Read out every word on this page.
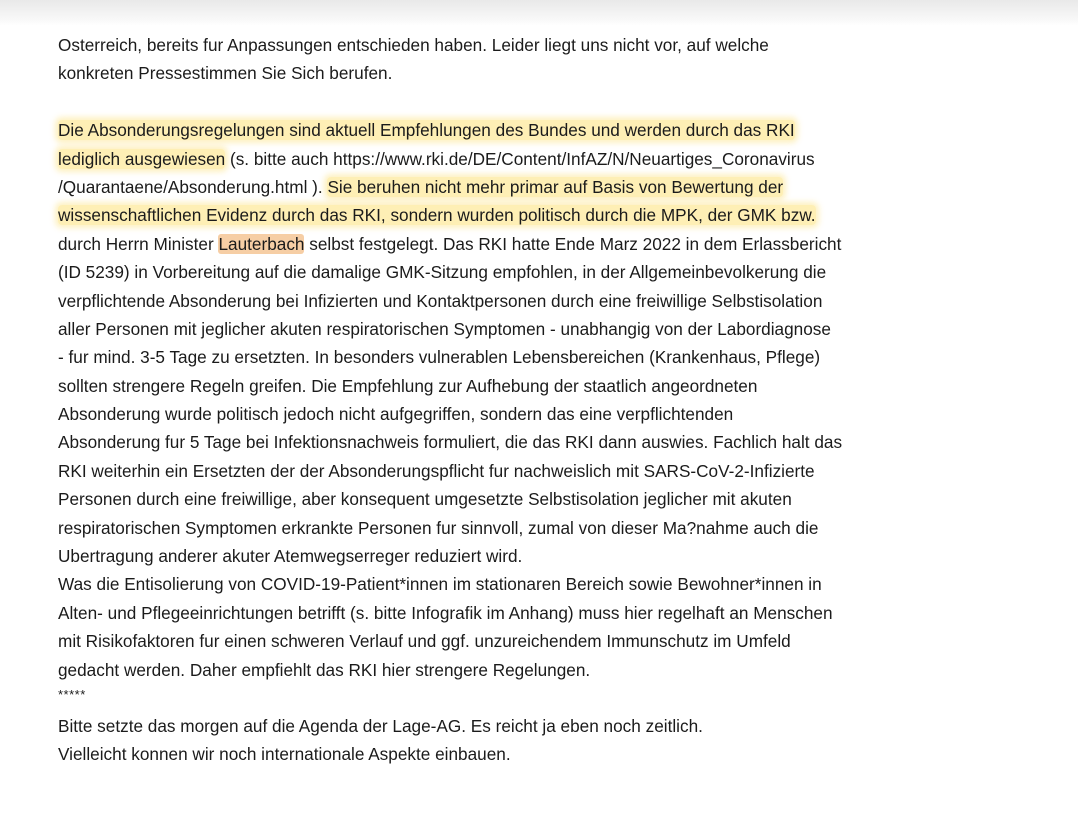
Osterreich, bereits fur Anpassungen entschieden haben. Leider liegt uns nicht vor, auf welche
konkreten Pressestimmen Sie Sich berufen.
Die Absonderungsregelungen sind aktuell Empfehlungen des Bundes und werden durch das RKI
lediglich ausgewiesen (s. bitte auch https://www.rki.de/DE/Content/InfAZ/N/Neuartiges_Coronavirus
/Quarantaene/Absonderung.html ). Sie beruhen nicht mehr primar auf Basis von Bewertung der
wissenschaftlichen Evidenz durch das RKI, sondern wurden politisch durch die MPK, der GMK bzw.
durch Herrn Minister Lauterbach selbst festgelegt. Das RKI hatte Ende Marz 2022 in dem Erlassbericht
(ID 5239) in Vorbereitung auf die damalige GMK-Sitzung empfohlen, in der Allgemeinbevolkerung die
verpflichtende Absonderung bei Infizierten und Kontaktpersonen durch eine freiwillige Selbstisolation
aller Personen mit jeglicher akuten respiratorischen Symptomen - unabhangig von der Labordiagnose
- fur mind. 3-5 Tage zu ersetzten. In besonders vulnerablen Lebensbereichen (Krankenhaus, Pflege)
sollten strengere Regeln greifen. Die Empfehlung zur Aufhebung der staatlich angeordneten
Absonderung wurde politisch jedoch nicht aufgegriffen, sondern das eine verpflichtenden
Absonderung fur 5 Tage bei Infektionsnachweis formuliert, die das RKI dann auswies. Fachlich halt das
RKI weiterhin ein Ersetzten der der Absonderungspflicht fur nachweislich mit SARS-CoV-2-Infizierte
Personen durch eine freiwillige, aber konsequent umgesetzte Selbstisolation jeglicher mit akuten
respiratorischen Symptomen erkrankte Personen fur sinnvoll, zumal von dieser Ma?nahme auch die
Ubertragung anderer akuter Atemwegserreger reduziert wird.
Was die Entisolierung von COVID-19-Patient*innen im stationaren Bereich sowie Bewohner*innen in
Alten- und Pflegeeinrichtungen betrifft (s. bitte Infografik im Anhang) muss hier regelhaft an Menschen
mit Risikofaktoren fur einen schweren Verlauf und ggf. unzureichendem Immunschutz im Umfeld
gedacht werden. Daher empfiehlt das RKI hier strengere Regelungen.
*****
Bitte setzte das morgen auf die Agenda der Lage-AG. Es reicht ja eben noch zeitlich.
Vielleicht konnen wir noch internationale Aspekte einbauen.
